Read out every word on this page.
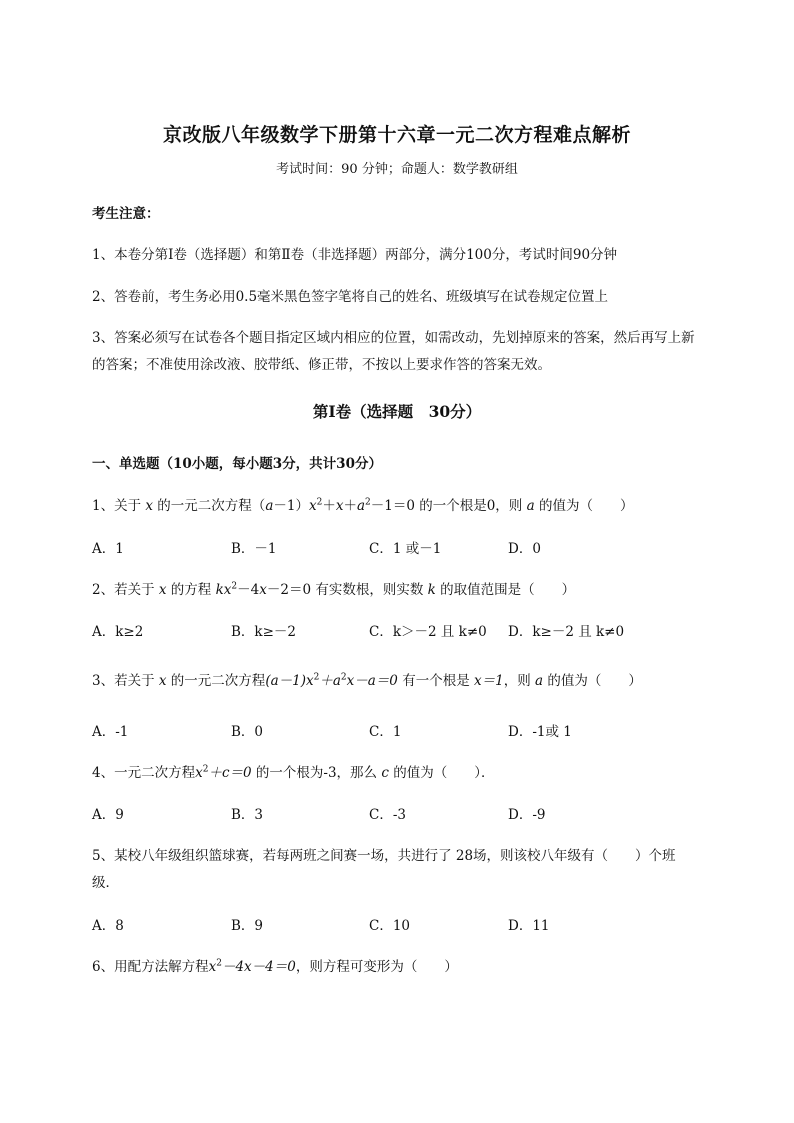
京改版八年级数学下册第十六章一元二次方程难点解析
考试时间：90 分钟；命题人：数学教研组
考生注意：
1、本卷分第Ⅰ卷（选择题）和第Ⅱ卷（非选择题）两部分，满分100分，考试时间90分钟
2、答卷前，考生务必用0.5毫米黑色签字笔将自己的姓名、班级填写在试卷规定位置上
3、答案必须写在试卷各个题目指定区域内相应的位置，如需改动，先划掉原来的答案，然后再写上新
的答案；不准使用涂改液、胶带纸、修正带，不按以上要求作答的答案无效。
第Ⅰ卷（选择题　30分）
一、单选题（10小题，每小题3分，共计30分）
1、关于 x 的一元二次方程$(a-1)x^2+x+a^2-1=0$ 的一个根是0，则 a 的值为（　　）
A．1	B．－1	C．1 或－1	D．0
2、若关于 x 的方程 $kx^2-4x-2=0$ 有实数根，则实数 k 的取值范围是（　　）
A．k≥2	B．k≥－2	C．k＞－2 且 k≠0 D．k≥－2 且 k≠0
3、若关于 x 的一元二次方程$(a-1)x^2+a^2x-a=0$ 有一个根是 x＝1，则 a 的值为（　　）
A．-1	B．0	C．1	D．-1或 1
4、一元二次方程$x^2+c=0$ 的一个根为-3，那么 c 的值为（　　）．
A．9	B．3	C．-3	D．-9
5、某校八年级组织篮球赛，若每两班之间赛一场，共进行了 28场，则该校八年级有（　　）个班
级．
A．8	B．9	C．10	D．11
6、用配方法解方程$x^2-4x-4=0$，则方程可变形为（　　）
